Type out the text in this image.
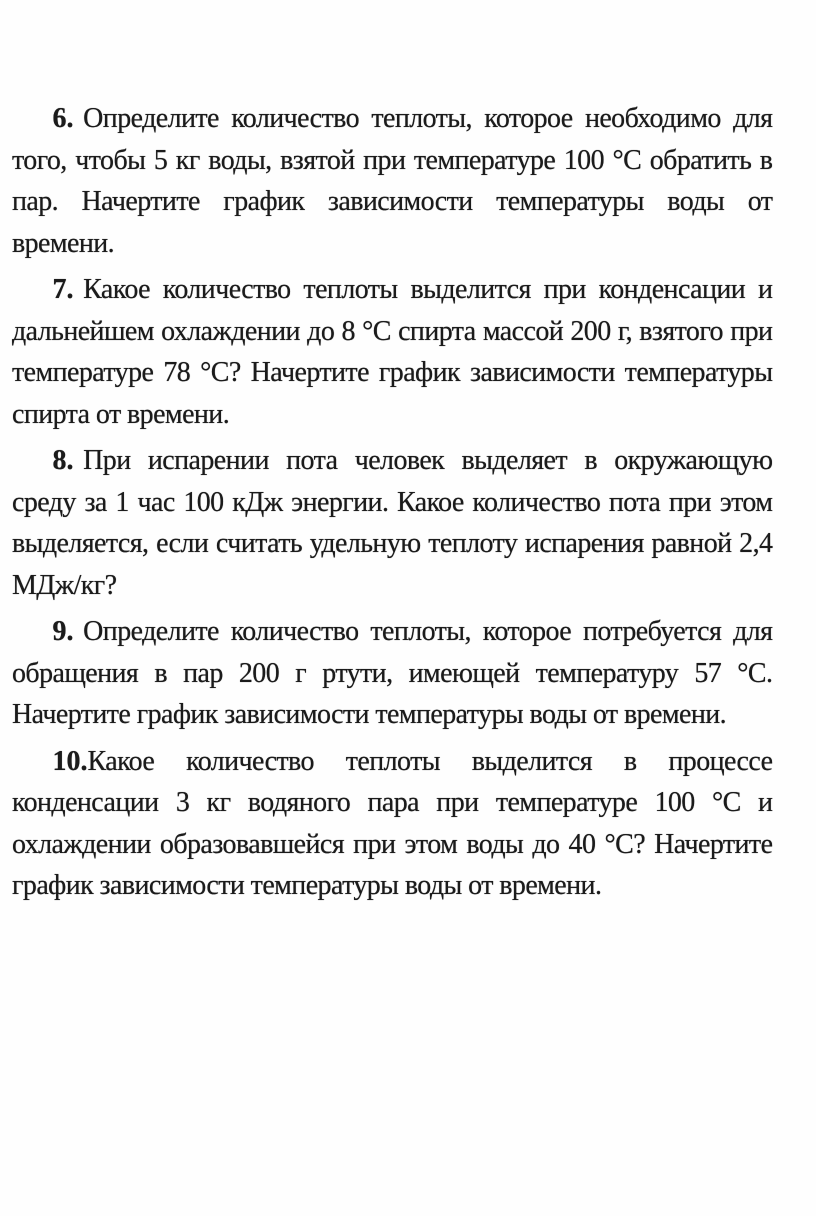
6. Определите количество теплоты, которое необходимо для того, чтобы 5 кг воды, взятой при температуре 100 °С обратить в пар. Начертите график зависимости температуры воды от времени.

7. Какое количество теплоты выделится при конденсации и дальнейшем охлаждении до 8 °С спирта массой 200 г, взятого при температуре 78 °С? Начертите график зависимости температуры спирта от времени.

8. При испарении пота человек выделяет в окружающую среду за 1 час 100 кДж энергии. Какое количество пота при этом выделяется, если считать удельную теплоту испарения равной 2,4 МДж/кг?

9. Определите количество теплоты, которое потребуется для обращения в пар 200 г ртути, имеющей температуру 57 °С. Начертите график зависимости температуры воды от времени.

10.Какое количество теплоты выделится в процессе конденсации 3 кг водяного пара при температуре 100 °С и охлаждении образовавшейся при этом воды до 40 °С? Начертите график зависимости температуры воды от времени.
